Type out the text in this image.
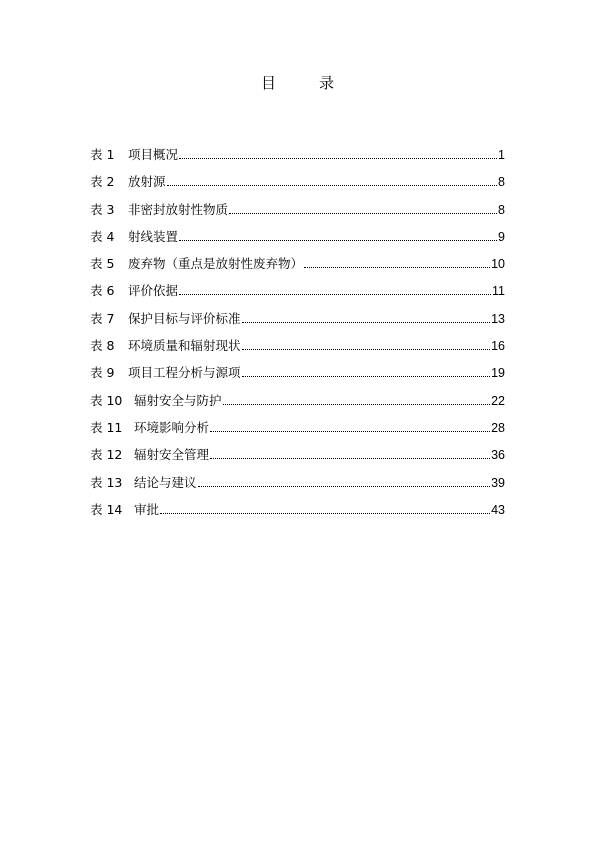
目　录
表 1	项目概况	1
表 2	放射源	8
表 3	非密封放射性物质	8
表 4	射线装置	9
表 5	废弃物（重点是放射性废弃物）	10
表 6	评价依据	11
表 7	保护目标与评价标准	13
表 8	环境质量和辐射现状	16
表 9	项目工程分析与源项	19
表 10 辐射安全与防护	22
表 11 环境影响分析	28
表 12 辐射安全管理	36
表 13 结论与建议	39
表 14 审批	43
